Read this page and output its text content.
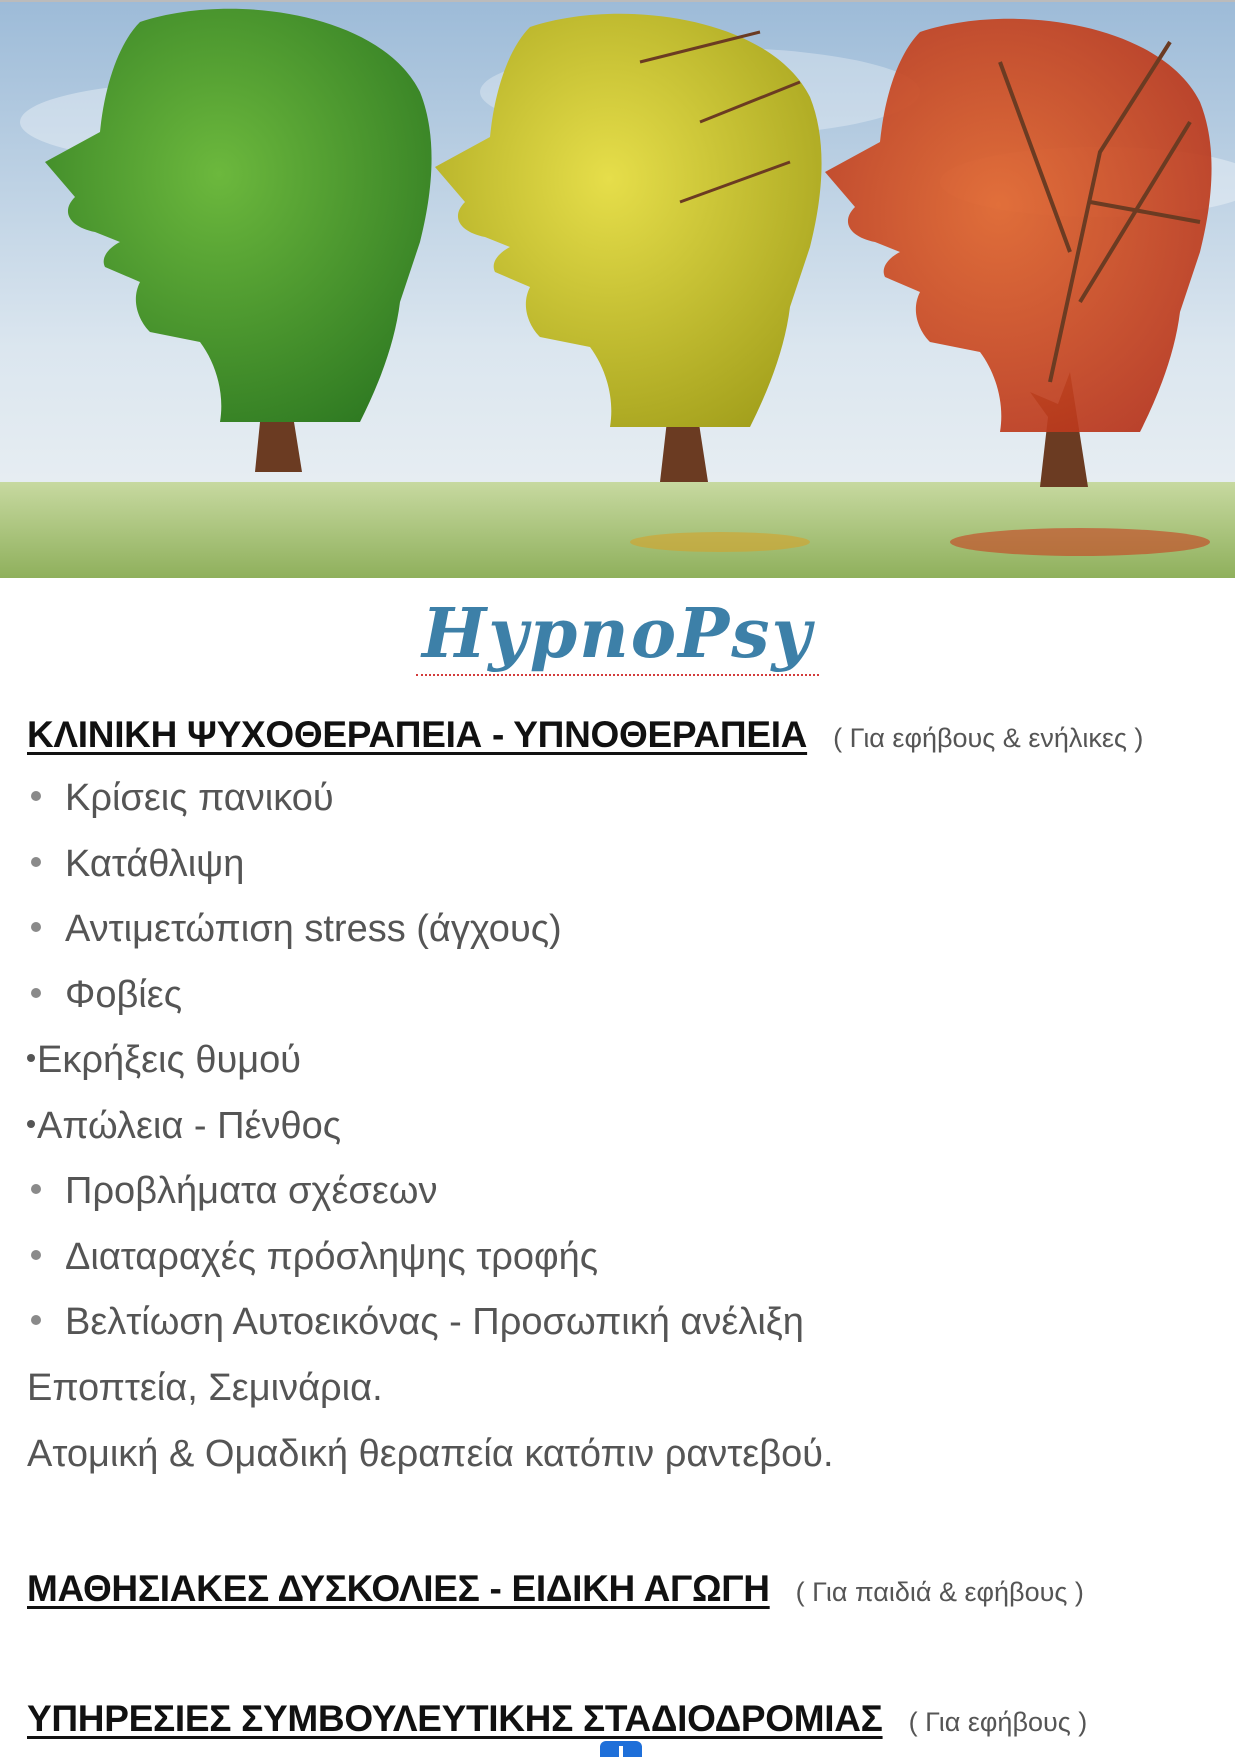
HypnoPsy
ΚΛΙΝΙΚΗ ΨΥΧΟΘΕΡΑΠΕΙΑ - ΥΠΝΟΘΕΡΑΠΕΙΑ ( Για εφήβους & ενήλικες )
Κρίσεις πανικού
Κατάθλιψη
Αντιμετώπιση stress (άγχους)
Φοβίες
Εκρήξεις θυμού
Απώλεια - Πένθος
Προβλήματα σχέσεων
Διαταραχές πρόσληψης τροφής
Βελτίωση Αυτοεικόνας - Προσωπική ανέλιξη
Εποπτεία, Σεμινάρια.
Ατομική & Ομαδική θεραπεία κατόπιν ραντεβού.
ΜΑΘΗΣΙΑΚΕΣ ΔΥΣΚΟΛΙΕΣ - ΕΙΔΙΚΗ ΑΓΩΓΗ ( Για παιδιά & εφήβους )
ΥΠΗΡΕΣΙΕΣ ΣΥΜΒΟΥΛΕΥΤΙΚΗΣ ΣΤΑΔΙΟΔΡΟΜΙΑΣ ( Για εφήβους )
